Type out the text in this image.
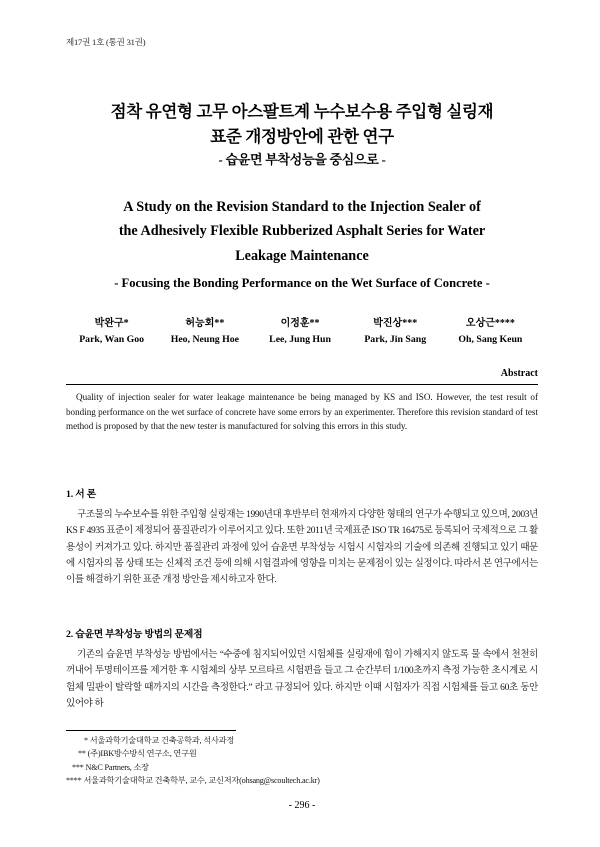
제17권 1호 (통권 31권)
점착 유연형 고무 아스팔트계 누수보수용 주입형 실링재
표준 개정방안에 관한 연구
- 습윤면 부착성능을 중심으로 -
A Study on the Revision Standard to the Injection Sealer of
the Adhesively Flexible Rubberized Asphalt Series for Water

Leakage Maintenance
- Focusing the Bonding Performance on the Wet Surface of Concrete -
박완구*	허능회**	이정훈**	박진상***	오상근****
Park, Wan Goo	Heo, Neung Hoe	Lee, Jung Hun	Park, Jin Sang	Oh, Sang Keun
Abstract
Quality of injection sealer for water leakage maintenance be being managed by KS and ISO. However, the test result of bonding performance on the wet surface of concrete have some errors by an experimenter. Therefore this revision standard of test method is proposed by that the new tester is manufactured for solving this errors in this study.
1. 서 론

구조물의 누수보수를 위한 주입형 실링재는 1990년대 후반부터 현재까지 다양한 형태의 연구가 수행되고 있으며, 2003년 KS F 4935 표준이 제정되어 품질관리가 이루어지고 있다. 또한 2011년 국제표준 ISO TR 16475로 등록되어 국제적으로 그 활용성이 커져가고 있다. 하지만 품질관리 과정에 있어 습윤면 부착성능 시험시 시험자의 기술에 의존해 진행되고 있기 때문에 시험자의 몸 상태 또는 신체적 조건 등에 의해 시험결과에 영향을 미치는 문제점이 있는 실정이다. 따라서 본 연구에서는 이를 해결하기 위한 표준 개정 방안을 제시하고자 한다.

2. 습윤면 부착성능 방법의 문제점

기존의 습윤면 부착성능 방법에서는 “수중에 침지되어있던 시험체를 실링재에 힘이 가해지지 않도록 물 속에서 천천히 꺼내어 투명테이프를 제거한 후 시험체의 상부 모르타르 시험편을 들고 그 순간부터 1/100초까지 측정 가능한 초시계로 시험체 밀판이 탈락할 때까지의 시간을 측정한다.” 라고 규정되어 있다. 하지만 이때 시험자가 직접 시험체를 들고 60초 동안 있어야 하

* 서울과학기술대학교 건축공학과, 석사과정
** (주)IBK방수방식 연구소, 연구원
*** N&C Partners, 소장
**** 서울과학기술대학교 건축학부, 교수, 교신저자(ohsang@scoultech.ac.kr)
- 296 -
